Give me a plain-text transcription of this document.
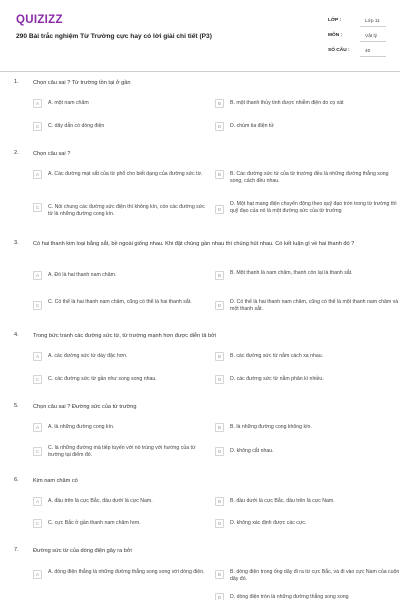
QUIZIZZ
290 Bài trắc nghiệm Từ Trường cực hay có lời giải chi tiết (P3)
LỚP :	Lớp 11
MÔN :	Vật lý
SỐ CÂU :	40
1.	Chọn câu sai ? Từ trường tồn tại ở gần
A	A. một nam châm	B	B. một thanh thủy tinh được nhiễm điện do cọ xát
C	C. dây dẫn có dòng điện	D	D. chùm tia điện tử
2.	Chọn câu sai ?
A	A. Các đường mạt sắt của từ phổ cho biết dạng của đường sức từ.	B	B. Các đường sức từ của từ trường đều là những đường thẳng song song, cách đều nhau.
C	C. Nói chung các đường sức điện thì không kín, còn các đường sức từ là những đường cong kín.
D
D. Một hạt mang điện chuyển động theo quỹ đạo tròn trong từ trường thì quỹ đạo của nó là một đường sức của từ trường
3.	Có hai thanh kim loại bằng sắt, bề ngoài giống nhau. Khi đặt chúng gần nhau thì chúng hút nhau. Có kết luận gì về hai thanh đó ?
A	A. Đó là hai thanh nam châm.	B	B. Một thanh là nam châm, thanh còn lại là thanh sắt.
C
C. Có thể là hai thanh nam châm, cũng có thể là hai thanh sắt.
D
D. Có thể là hai thanh nam châm, cũng có thể là một thanh nam châm và một thanh sắt.
4.	Trong bức tranh các đường sức từ, từ trường mạnh hơn được diễn tả bởi
A	A. các đường sức từ dày đặc hơn.	B	B. các đường sức từ nằm cách xa nhau.
C	C. các đường sức từ gần như song song nhau.	D	D. các đường sức từ nằm phân kì nhiều.
5.	Chọn câu sai ? Đường sức của từ trường
A	A. là những đường cong kín.	B	B. là những đường cong không kín.
C
C. là những đường mà tiếp tuyến với nó trùng với hướng của từ trường tại điểm đó.
D	D. không cắt nhau.
6.	Kim nam châm có
A	A. đầu trên là cực Bắc, đầu dưới là cực Nam.	B	B. đầu dưới là cực Bắc, đầu trên là cực Nam.
C	C. cực Bắc ở gần thanh nam châm hơn.	D	D. không xác định được các cực.
7.	Đường sức từ của dòng điện gây ra bởi
A	A. dòng điện thẳng là những đường thẳng song song với dòng điện.	B	B. dòng điện trong ống dây đi ra từ cực Bắc, và đi vào cực Nam của cuộn dây đó.
D	D. dòng điện tròn là những đường thẳng song song
